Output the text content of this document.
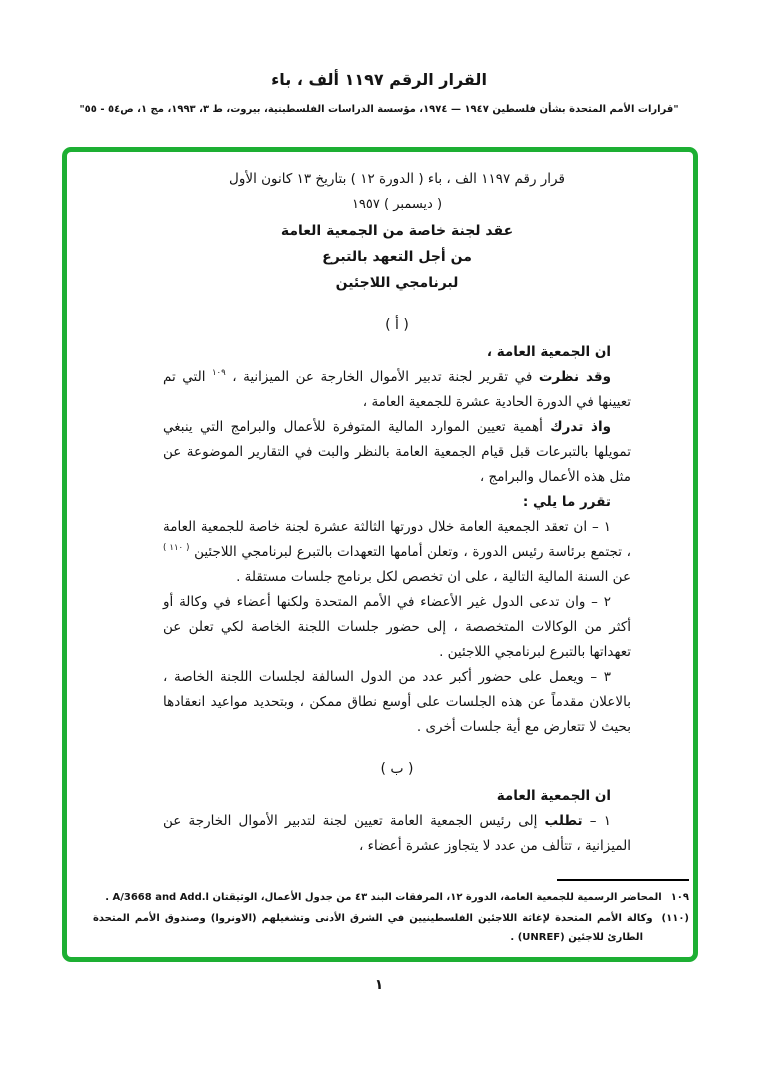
القرار الرقم ١١٩٧ ألف ، باء
"قرارات الأمم المتحدة بشأن فلسطين ١٩٤٧ — ١٩٧٤، مؤسسة الدراسات الفلسطينية، بيروت، ط ٣، ١٩٩٣، مج ١، ص٥٤ - ٥٥"
قرار رقم ١١٩٧ الف ، باء ( الدورة ١٢ ) بتاريخ ١٣ كانون الأول
( ديسمبر ) ١٩٥٧
عقد لجنة خاصة من الجمعية العامة
من أجل التعهد بالتبرع
لبرنامجي اللاجئين
( أ )

ان الجمعية العامة ،

وقد نظرت في تقرير لجنة تدبير الأموال الخارجة عن الميزانية ، $^{١٠٩}$ التي تم تعيينها في الدورة الحادية عشرة للجمعية العامة ،

واذ تدرك أهمية تعيين الموارد المالية المتوفرة للأعمال والبرامج التي ينبغي تمويلها بالتبرعات قبل قيام الجمعية العامة بالنظر والبت في التقارير الموضوعة عن مثل هذه الأعمال والبرامج ،

تقرر ما يلي :

١ – ان تعقد الجمعية العامة خلال دورتها الثالثة عشرة لجنة خاصة للجمعية العامة ، تجتمع برئاسة رئيس الدورة ، وتعلن أمامها التعهدات بالتبرع لبرنامجي اللاجئين $^{( ١١٠ )}$ عن السنة المالية التالية ، على ان تخصص لكل برنامج جلسات مستقلة .

٢ – وان تدعى الدول غير الأعضاء في الأمم المتحدة ولكنها أعضاء في وكالة أو أكثر من الوكالات المتخصصة ، إلى حضور جلسات اللجنة الخاصة لكي تعلن عن تعهداتها بالتبرع لبرنامجي اللاجئين .

٣ – ويعمل على حضور أكبر عدد من الدول السالفة لجلسات اللجنة الخاصة ، بالاعلان مقدماً عن هذه الجلسات على أوسع نطاق ممكن ، وبتحديد مواعيد انعقادها بحيث لا تتعارض مع أية جلسات أخرى .

( ب )

ان الجمعية العامة

١ – تطلب إلى رئيس الجمعية العامة تعيين لجنة لتدبير الأموال الخارجة عن الميزانية ، تتألف من عدد لا يتجاوز عشرة أعضاء ،

١٠٩المحاضر الرسمية للجمعية العامة، الدورة ١٢، المرفقات البند ٤٣ من جدول الأعمال، الوثيقتان A/3668 and Add.l .
(١١٠)وكالة الأمم المتحدة لإغاثة اللاجئين الفلسطينيين في الشرق الأدنى وتشغيلهم (الاونروا) وصندوق الأمم المتحدة الطارئ للاجئين (UNREF) .
١
